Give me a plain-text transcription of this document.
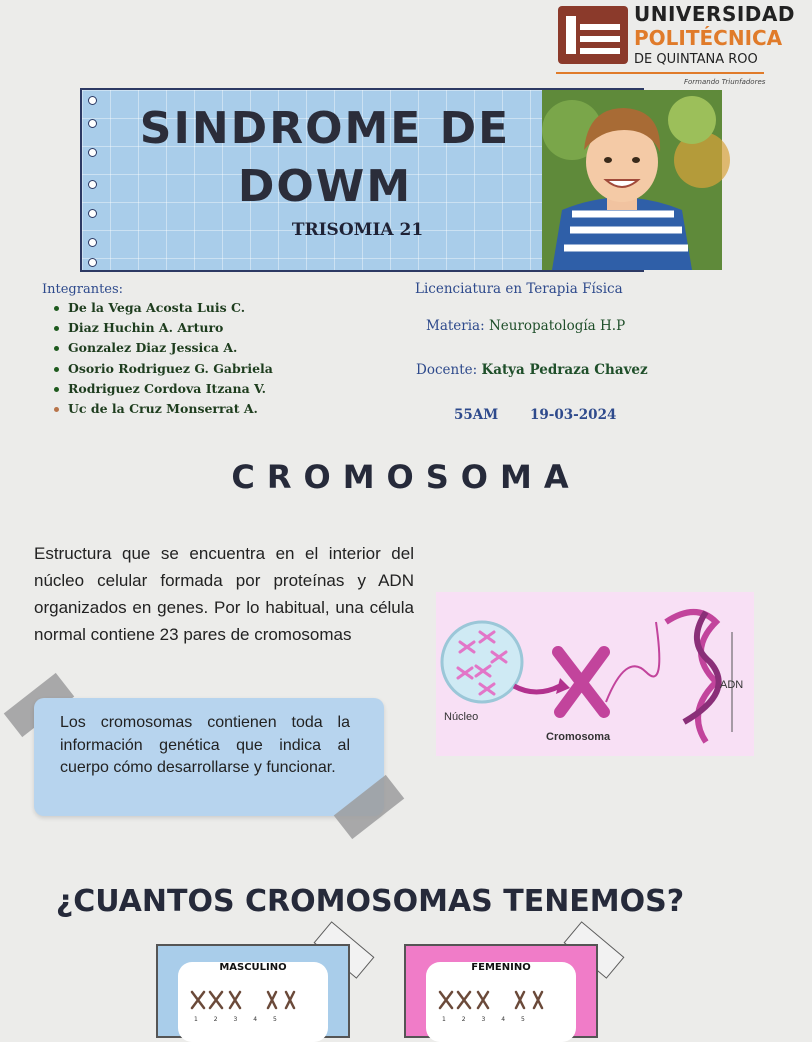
UNIVERSIDAD
POLITÉCNICA
DE QUINTANA ROO
Formando Triunfadores
SINDROME DE DOWM
TRISOMIA 21
Integrantes:
De la Vega Acosta Luis C.
Diaz Huchin A. Arturo
Gonzalez Diaz Jessica A.
Osorio Rodriguez G. Gabriela
Rodriguez Cordova Itzana V.
Uc de la Cruz Monserrat A.
Licenciatura en Terapia Física
Materia: Neuropatología H.P
Docente: Katya Pedraza Chavez
55AM 19-03-2024
CROMOSOMA
Estructura que se encuentra en el interior del núcleo celular formada por proteínas y ADN organizados en genes. Por lo habitual, una célula normal contiene 23 pares de cromosomas
Los cromosomas contienen toda la información genética que indica al cuerpo cómo desarrollarse y funcionar.
Núcleo
Cromosoma
ADN
¿CUANTOS CROMOSOMAS TENEMOS?
1	2	3	4	5
MASCULINO
1	2	3	4	5
FEMENINO
